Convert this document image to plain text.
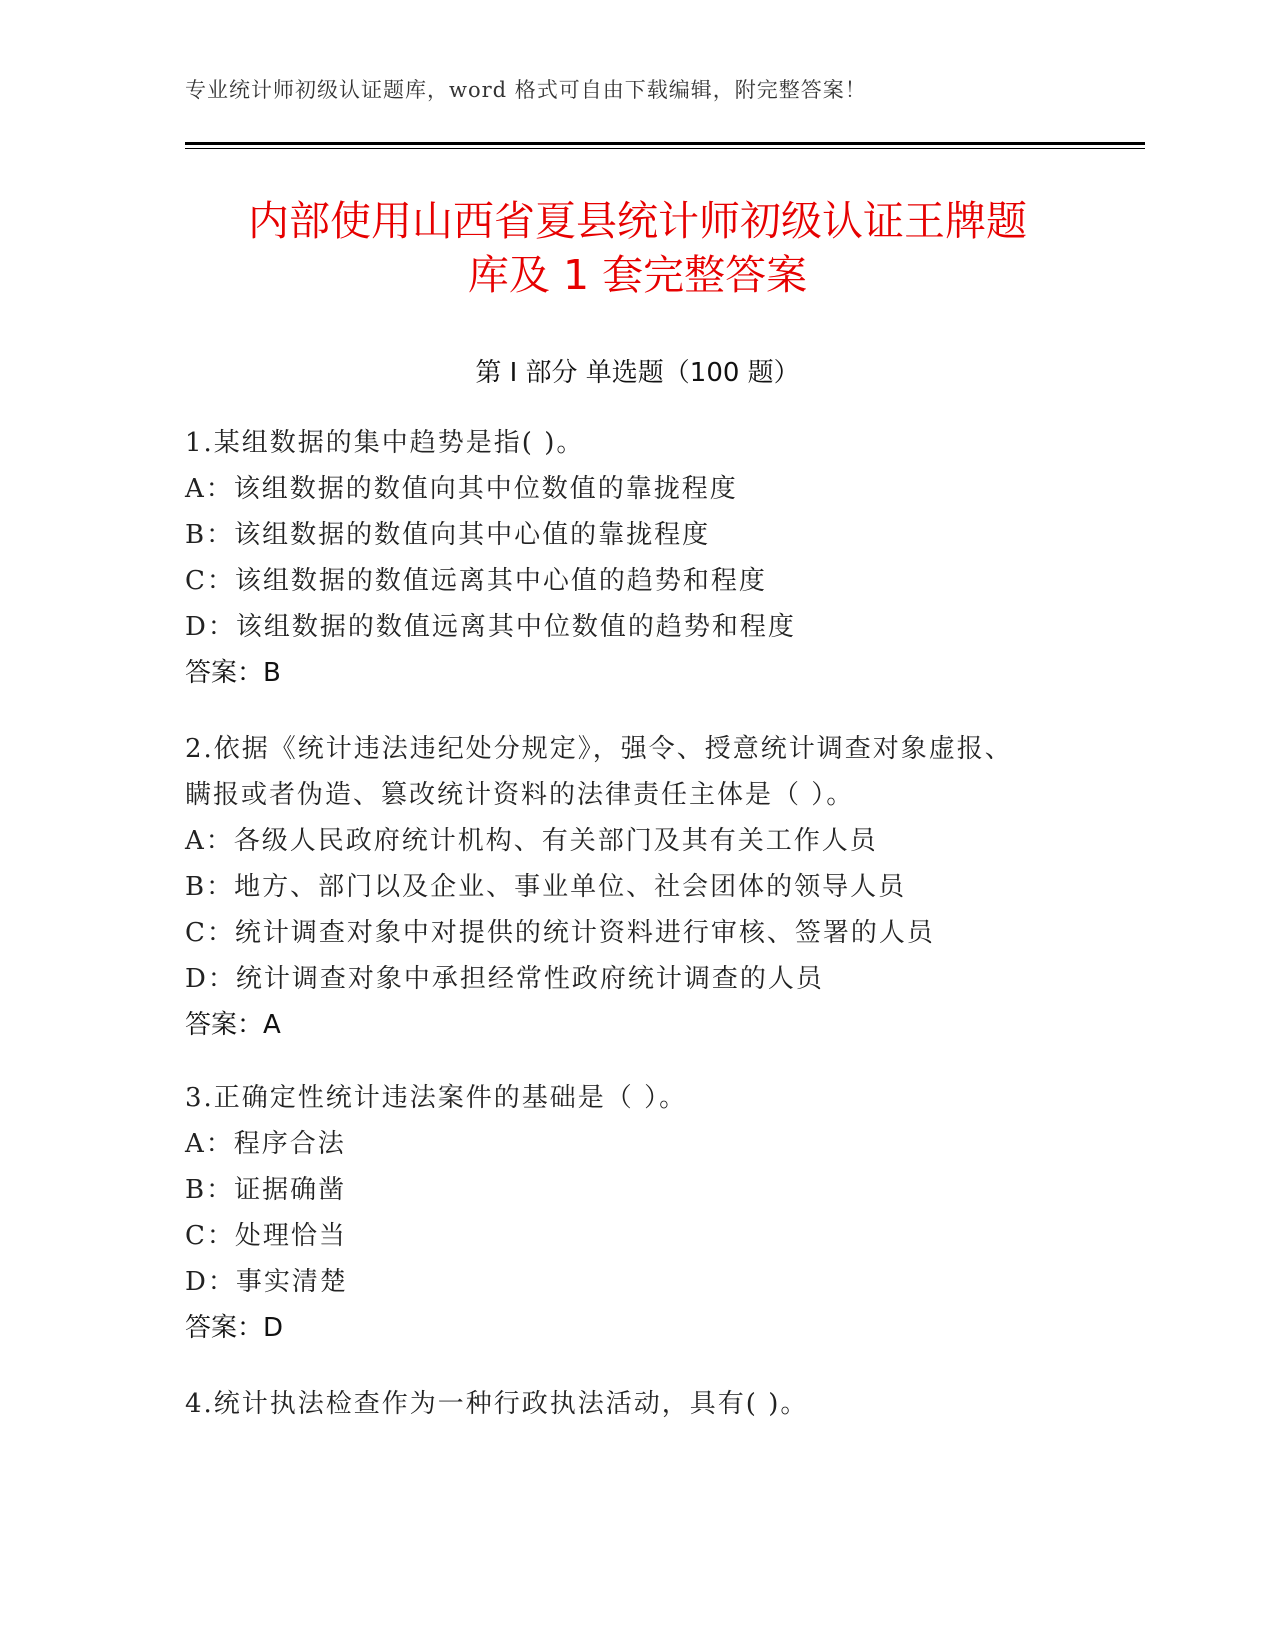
专业统计师初级认证题库，word 格式可自由下载编辑，附完整答案！
内部使用山西省夏县统计师初级认证王牌题
库及 1 套完整答案
第 I 部分 单选题（100 题）
1.某组数据的集中趋势是指( )。
A：该组数据的数值向其中位数值的靠拢程度
B：该组数据的数值向其中心值的靠拢程度
C：该组数据的数值远离其中心值的趋势和程度
D：该组数据的数值远离其中位数值的趋势和程度
答案：B
2.依据《统计违法违纪处分规定》，强令、授意统计调查对象虚报、
瞒报或者伪造、篡改统计资料的法律责任主体是（ ）。
A：各级人民政府统计机构、有关部门及其有关工作人员
B：地方、部门以及企业、事业单位、社会团体的领导人员
C：统计调查对象中对提供的统计资料进行审核、签署的人员
D：统计调查对象中承担经常性政府统计调查的人员
答案：A
3.正确定性统计违法案件的基础是（ ）。
A：程序合法
B：证据确凿
C：处理恰当
D：事实清楚
答案：D
4.统计执法检查作为一种行政执法活动，具有( )。
